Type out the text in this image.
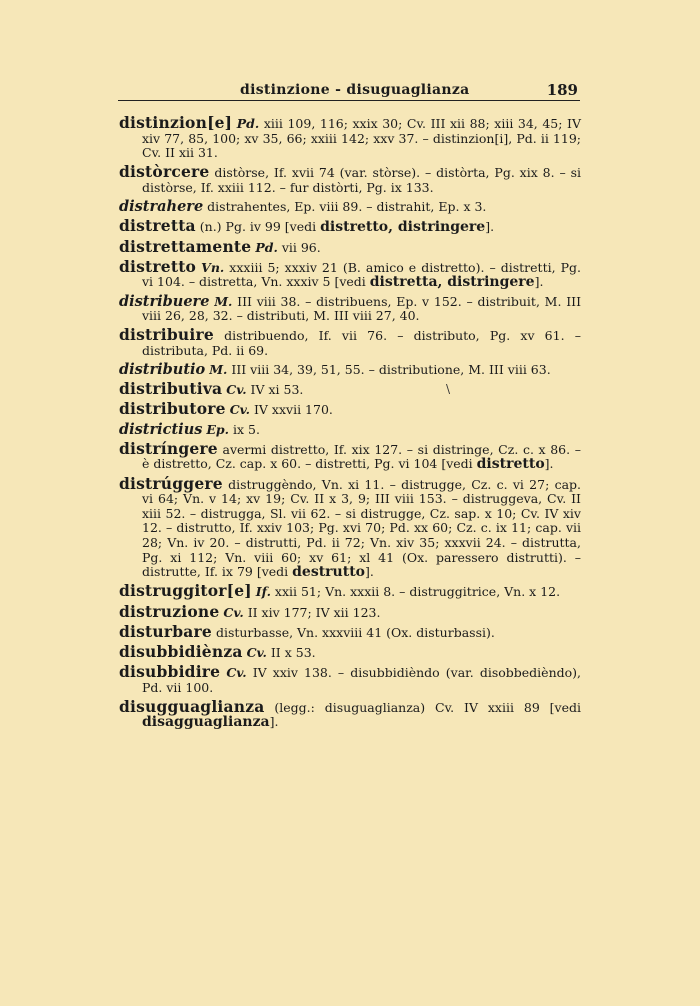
distinzione - disuguaglianza	189
distinzion[e] Pd. xiii 109, 116; xxix 30; Cv. III xii 88; xiii 34, 45; IV xiv 77, 85, 100; xv 35, 66; xxiii 142; xxv 37. – distinzion[i], Pd. ii 119; Cv. II xii 31.
distòrcere distòrse, If. xvii 74 (var. stòrse). – distòrta, Pg. xix 8. – si distòrse, If. xxiii 112. – fur distòrti, Pg. ix 133.
distrahere distrahentes, Ep. viii 89. – distrahit, Ep. x 3.
distretta (n.) Pg. iv 99 [vedi distretto, distringere].
distrettamente Pd. vii 96.
distretto Vn. xxxiii 5; xxxiv 21 (B. amico e distretto). – distretti, Pg. vi 104. – distretta, Vn. xxxiv 5 [vedi distretta, distringere].
distribuere M. III viii 38. – distribuens, Ep. v 152. – distribuit, M. III viii 26, 28, 32. – distributi, M. III viii 27, 40.
distribuire distribuendo, If. vii 76. – distributo, Pg. xv 61. – distributa, Pd. ii 69.
distributio M. III viii 34, 39, 51, 55. – distributione, M. III viii 63.
distributiva Cv. IV xi 53.
distributore Cv. IV xxvii 170.
districtius Ep. ix 5.
distríngere avermi distretto, If. xix 127. – si distringe, Cz. c. x 86. – è distretto, Cz. cap. x 60. – distretti, Pg. vi 104 [vedi distretto].
distrúggere distruggèndo, Vn. xi 11. – distrugge, Cz. c. vi 27; cap. vi 64; Vn. v 14; xv 19; Cv. II x 3, 9; III viii 153. – distruggeva, Cv. II xiii 52. – distrugga, Sl. vii 62. – si distrugge, Cz. sap. x 10; Cv. IV xiv 12. – distrutto, If. xxiv 103; Pg. xvi 70; Pd. xx 60; Cz. c. ix 11; cap. vii 28; Vn. iv 20. – distrutti, Pd. ii 72; Vn. xiv 35; xxxvii 24. – distrutta, Pg. xi 112; Vn. viii 60; xv 61; xl 41 (Ox. paressero distrutti). – distrutte, If. ix 79 [vedi destrutto].
distruggitor[e] If. xxii 51; Vn. xxxii 8. – distruggitrice, Vn. x 12.
distruzione Cv. II xiv 177; IV xii 123.
disturbare disturbasse, Vn. xxxviii 41 (Ox. disturbassi).
disubbidiènza Cv. II x 53.
disubbidire Cv. IV xxiv 138. – disubbidièndo (var. disobbedièndo), Pd. vii 100.
disugguaglianza (legg.: disuguaglianza) Cv. IV xxiii 89 [vedi disagguaglianza].
\
